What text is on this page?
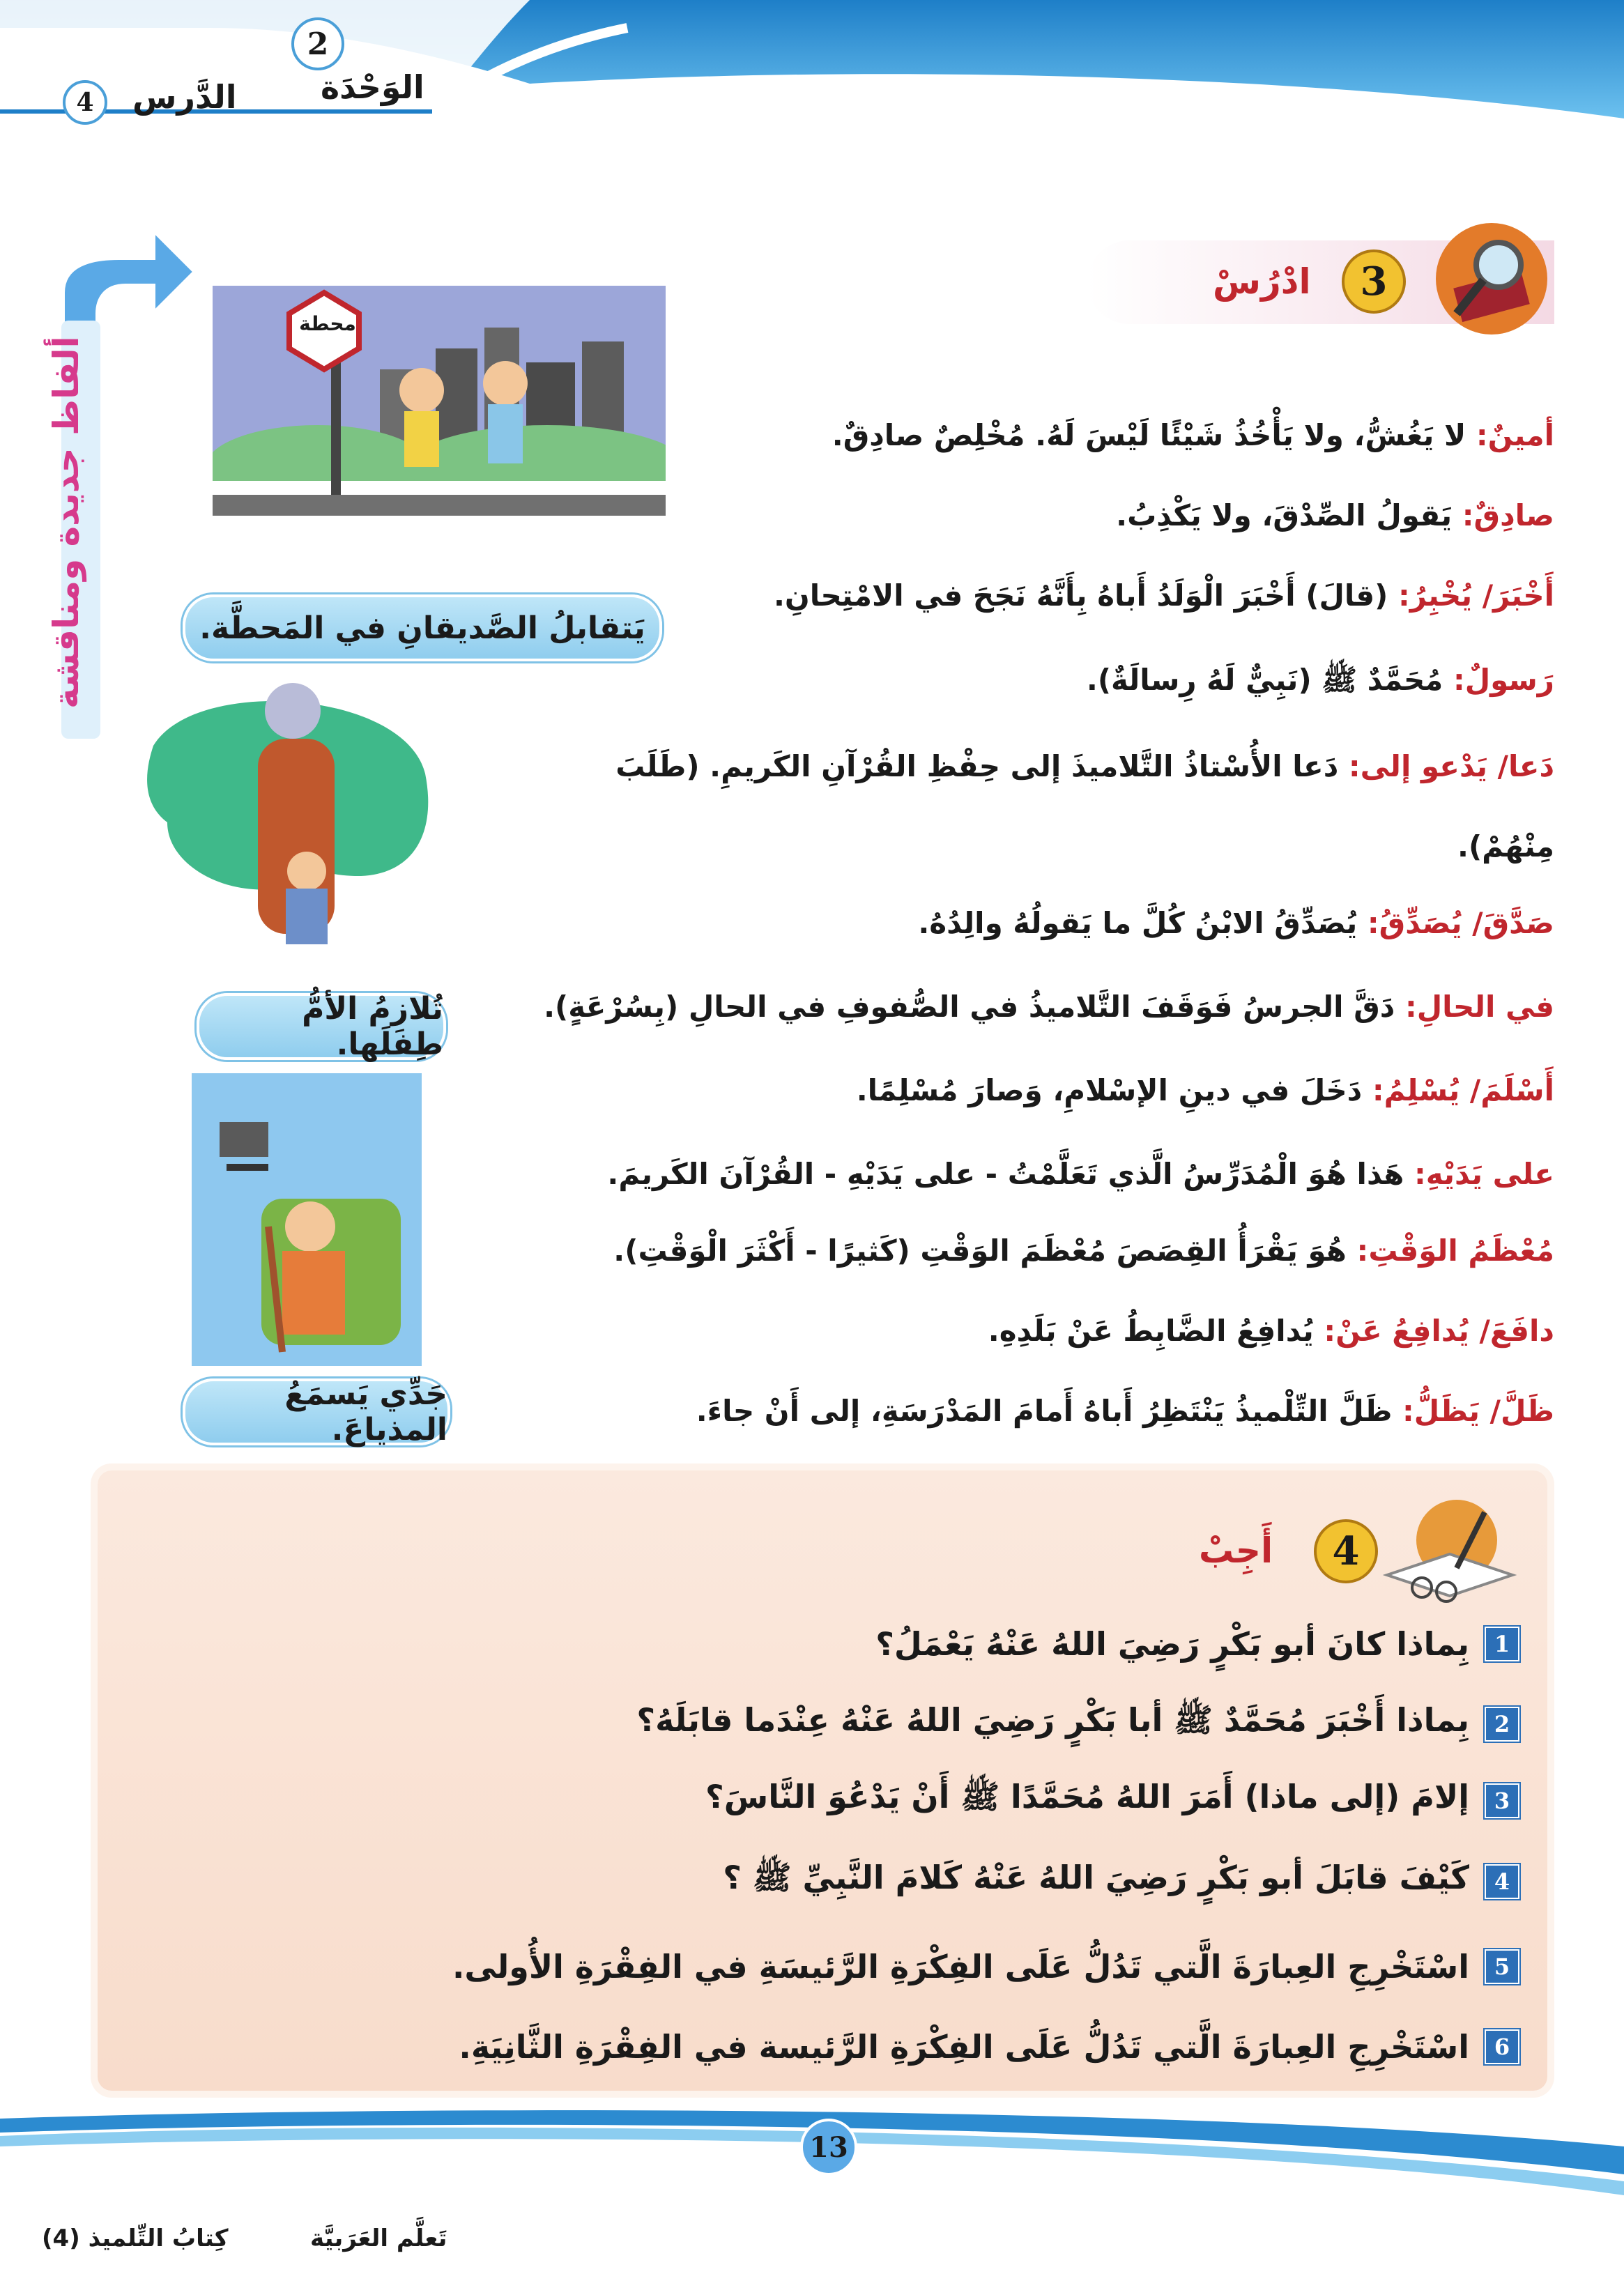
2
الوَحْدَة
4	الدَّرس
ألفاظ جديدة ومناقشة
3
ادْرُسْ
محطة
يَتقابلُ الصَّديقانِ في المَحطَّة.
تُلازِمُ الأمُّ طِفلَها.
جَدِّي يَسمَعُ المذياعَ.
أمينٌ: لا يَغُشُّ، ولا يَأْخُذُ شَيْئًا لَيْسَ لَهُ. مُخْلِصٌ صادِقٌ.
صادِقٌ: يَقولُ الصِّدْقَ، ولا يَكْذِبُ.
أَخْبَرَ/ يُخْبِرُ: (قالَ) أَخْبَرَ الْوَلَدُ أَباهُ بِأَنَّهُ نَجَحَ في الامْتِحانِ.
رَسولٌ: مُحَمَّدٌ ﷺ (نَبِيٌّ لَهُ رِسالَةٌ).
دَعا/ يَدْعو إلى: دَعا الأُسْتاذُ التَّلاميذَ إلى حِفْظِ القُرْآنِ الكَريمِ. (طَلَبَ
مِنْهُمْ).
صَدَّقَ/ يُصَدِّقُ: يُصَدِّقُ الابْنُ كُلَّ ما يَقولُهُ والِدُهُ.
في الحالِ: دَقَّ الجرسُ فَوَقَفَ التَّلاميذُ في الصُّفوفِ في الحالِ (بِسُرْعَةٍ).
أَسْلَمَ/ يُسْلِمُ: دَخَلَ في دينِ الإسْلامِ، وَصارَ مُسْلِمًا.
على يَدَيْهِ: هَذا هُوَ الْمُدَرِّسُ الَّذي تَعَلَّمْتُ - على يَدَيْهِ - القُرْآنَ الكَريمَ.
مُعْظَمُ الوَقْتِ: هُوَ يَقْرَأُ القِصَصَ مُعْظَمَ الوَقْتِ (كَثيرًا - أَكْثَرَ الْوَقْتِ).
دافَعَ/ يُدافِعُ عَنْ: يُدافِعُ الضَّابِطُ عَنْ بَلَدِهِ.
ظَلَّ/ يَظَلُّ: ظَلَّ التِّلْميذُ يَنْتَظِرُ أَباهُ أَمامَ المَدْرَسَةِ، إلى أَنْ جاءَ.
4
أَجِبْ
1
بِماذا كانَ أبو بَكْرٍ رَضِيَ اللهُ عَنْهُ يَعْمَلُ؟
2
بِماذا أَخْبَرَ مُحَمَّدٌ ﷺ أبا بَكْرٍ رَضِيَ اللهُ عَنْهُ عِنْدَما قابَلَهُ؟
3
إلامَ (إلى ماذا) أَمَرَ اللهُ مُحَمَّدًا ﷺ أَنْ يَدْعُوَ النَّاسَ؟
4
كَيْفَ قابَلَ أبو بَكْرٍ رَضِيَ اللهُ عَنْهُ كَلامَ النَّبِيِّ ﷺ ؟
5
اسْتَخْرِجِ العِبارَةَ الَّتي تَدُلُّ عَلَى الفِكْرَةِ الرَّئيسَةِ في الفِقْرَةِ الأُولى.
6
اسْتَخْرِجِ العِبارَةَ الَّتي تَدُلُّ عَلَى الفِكْرَةِ الرَّئيسة في الفِقْرَةِ الثَّانِيَةِ.
13
تَعلَّم العَرَبيَّة
كِتابُ التِّلميذ (4)
